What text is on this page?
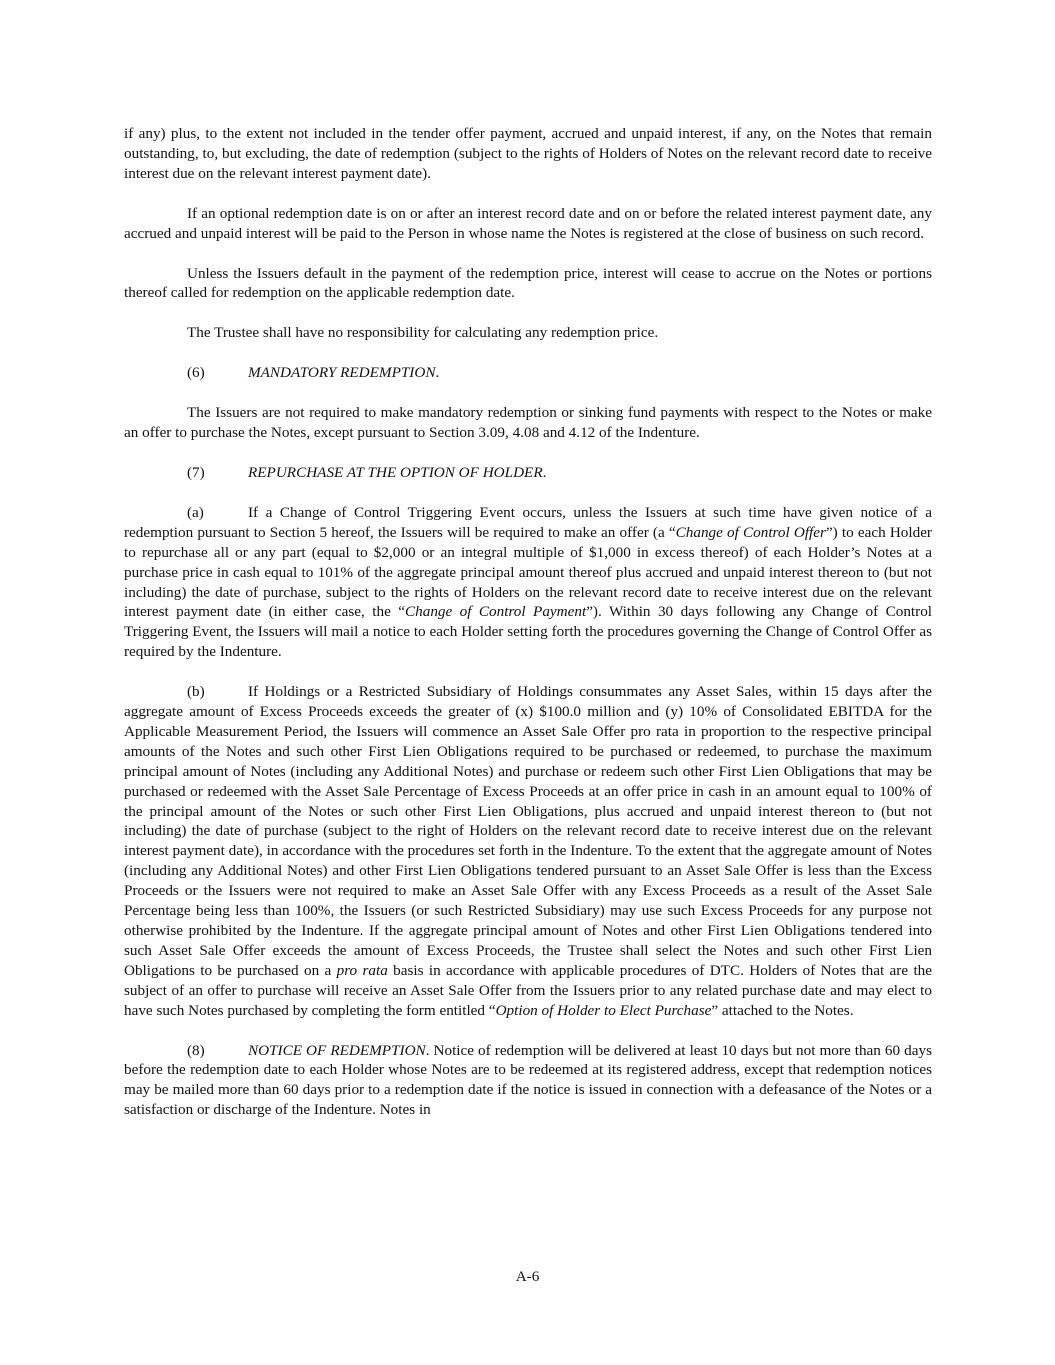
if any) plus, to the extent not included in the tender offer payment, accrued and unpaid interest, if any, on the Notes that remain outstanding, to, but excluding, the date of redemption (subject to the rights of Holders of Notes on the relevant record date to receive interest due on the relevant interest payment date).

If an optional redemption date is on or after an interest record date and on or before the related interest payment date, any accrued and unpaid interest will be paid to the Person in whose name the Notes is registered at the close of business on such record.

Unless the Issuers default in the payment of the redemption price, interest will cease to accrue on the Notes or portions thereof called for redemption on the applicable redemption date.

The Trustee shall have no responsibility for calculating any redemption price.

(6)	MANDATORY REDEMPTION.

The Issuers are not required to make mandatory redemption or sinking fund payments with respect to the Notes or make an offer to purchase the Notes, except pursuant to Section 3.09, 4.08 and 4.12 of the Indenture.

(7)	REPURCHASE AT THE OPTION OF HOLDER.

(a)	If a Change of Control Triggering Event occurs, unless the Issuers at such time have given notice of a redemption pursuant to Section 5 hereof, the Issuers will be required to make an offer (a “Change of Control Offer”) to each Holder to repurchase all or any part (equal to $2,000 or an integral multiple of $1,000 in excess thereof) of each Holder’s Notes at a purchase price in cash equal to 101% of the aggregate principal amount thereof plus accrued and unpaid interest thereon to (but not including) the date of purchase, subject to the rights of Holders on the relevant record date to receive interest due on the relevant interest payment date (in either case, the “Change of Control Payment”). Within 30 days following any Change of Control Triggering Event, the Issuers will mail a notice to each Holder setting forth the procedures governing the Change of Control Offer as required by the Indenture.

(b)	If Holdings or a Restricted Subsidiary of Holdings consummates any Asset Sales, within 15 days after the aggregate amount of Excess Proceeds exceeds the greater of (x) $100.0 million and (y) 10% of Consolidated EBITDA for the Applicable Measurement Period, the Issuers will commence an Asset Sale Offer pro rata in proportion to the respective principal amounts of the Notes and such other First Lien Obligations required to be purchased or redeemed, to purchase the maximum principal amount of Notes (including any Additional Notes) and purchase or redeem such other First Lien Obligations that may be purchased or redeemed with the Asset Sale Percentage of Excess Proceeds at an offer price in cash in an amount equal to 100% of the principal amount of the Notes or such other First Lien Obligations, plus accrued and unpaid interest thereon to (but not including) the date of purchase (subject to the right of Holders on the relevant record date to receive interest due on the relevant interest payment date), in accordance with the procedures set forth in the Indenture. To the extent that the aggregate amount of Notes (including any Additional Notes) and other First Lien Obligations tendered pursuant to an Asset Sale Offer is less than the Excess Proceeds or the Issuers were not required to make an Asset Sale Offer with any Excess Proceeds as a result of the Asset Sale Percentage being less than 100%, the Issuers (or such Restricted Subsidiary) may use such Excess Proceeds for any purpose not otherwise prohibited by the Indenture. If the aggregate principal amount of Notes and other First Lien Obligations tendered into such Asset Sale Offer exceeds the amount of Excess Proceeds, the Trustee shall select the Notes and such other First Lien Obligations to be purchased on a pro rata basis in accordance with applicable procedures of DTC. Holders of Notes that are the subject of an offer to purchase will receive an Asset Sale Offer from the Issuers prior to any related purchase date and may elect to have such Notes purchased by completing the form entitled “Option of Holder to Elect Purchase” attached to the Notes.

(8)	NOTICE OF REDEMPTION. Notice of redemption will be delivered at least 10 days but not more than 60 days before the redemption date to each Holder whose Notes are to be redeemed at its registered address, except that redemption notices may be mailed more than 60 days prior to a redemption date if the notice is issued in connection with a defeasance of the Notes or a satisfaction or discharge of the Indenture. Notes in

A-6
